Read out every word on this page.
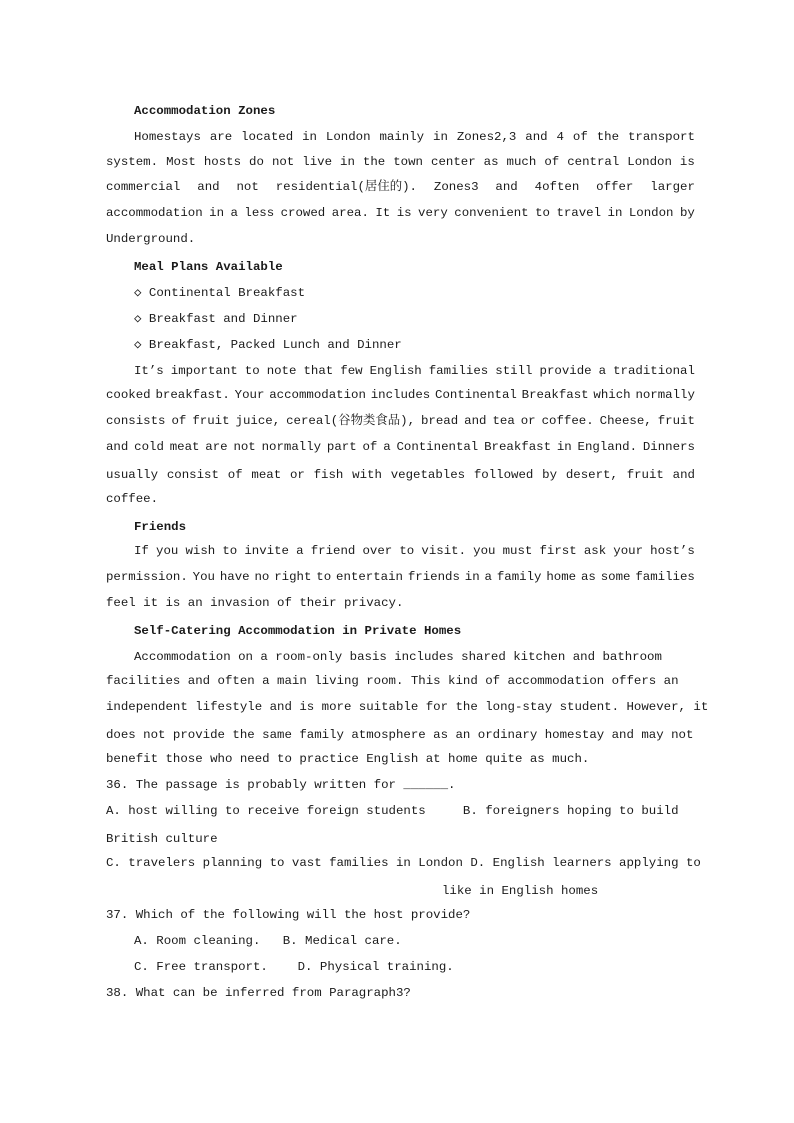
Accommodation Zones
Homestays are located in London mainly in Zones2,3 and 4 of the transport
system. Most hosts do not live in the town center as much of central London is
commercial and not residential(居住的). Zones3 and 4often offer larger
accommodation in a less crowed area. It is very convenient to travel in London by
Underground.
Meal Plans Available
◇ Continental Breakfast
◇ Breakfast and Dinner
◇ Breakfast, Packed Lunch and Dinner
It’s important to note that few English families still provide a traditional
cooked breakfast. Your accommodation includes Continental Breakfast which normally
consists of fruit juice, cereal(谷物类食品), bread and tea or coffee. Cheese, fruit
and cold meat are not normally part of a Continental Breakfast in England. Dinners
usually consist of meat or fish with vegetables followed by desert, fruit and
coffee.
Friends
If you wish to invite a friend over to visit. you must first ask your host’s
permission. You have no right to entertain friends in a family home as some families
feel it is an invasion of their privacy.
Self-Catering Accommodation in Private Homes
Accommodation on a room-only basis includes shared kitchen and bathroom
facilities and often a main living room. This kind of accommodation offers an
independent lifestyle and is more suitable for the long-stay student. However, it
does not provide the same family atmosphere as an ordinary homestay and may not
benefit those who need to practice English at home quite as much.
36. The passage is probably written for ______.
A. host willing to receive foreign students     B. foreigners hoping to build
British culture
C. travelers planning to vast families in London D. English learners applying to
like in English homes
37. Which of the following will the host provide?
A. Room cleaning.   B. Medical care.
C. Free transport.    D. Physical training.
38. What can be inferred from Paragraph3?
